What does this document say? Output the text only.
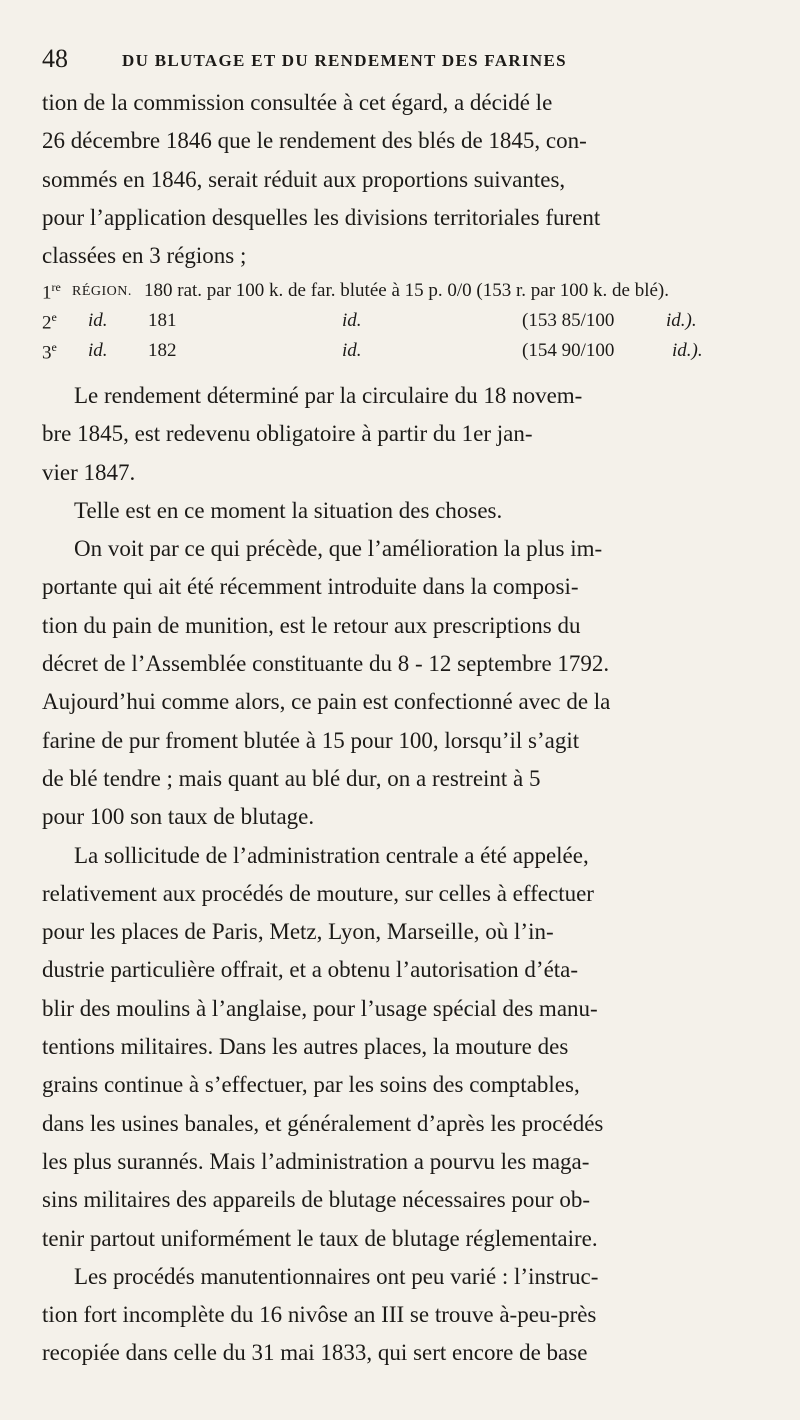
48	DU BLUTAGE ET DU RENDEMENT DES FARINES

tion de la commission consultée à cet égard, a décidé le

26 décembre 1846 que le rendement des blés de 1845, con-

sommés en 1846, serait réduit aux proportions suivantes,

pour l’application desquelles les divisions territoriales furent

classées en 3 régions ;

1re RÉGION. 180 rat. par 100 k. de far. blutée à 15 p. 0/0 (153 r. par 100 k. de blé).
2e id. 181	id.	(153 85/100	id.).
3e id. 182	id.	(154 90/100	id.).

Le rendement déterminé par la circulaire du 18 novem-

bre 1845, est redevenu obligatoire à partir du 1er jan-

vier 1847.

Telle est en ce moment la situation des choses.

On voit par ce qui précède, que l’amélioration la plus im-

portante qui ait été récemment introduite dans la composi-

tion du pain de munition, est le retour aux prescriptions du

décret de l’Assemblée constituante du 8 - 12 septembre 1792.

Aujourd’hui comme alors, ce pain est confectionné avec de la

farine de pur froment blutée à 15 pour 100, lorsqu’il s’agit

de blé tendre ; mais quant au blé dur, on a restreint à 5

pour 100 son taux de blutage.

La sollicitude de l’administration centrale a été appelée,

relativement aux procédés de mouture, sur celles à effectuer

pour les places de Paris, Metz, Lyon, Marseille, où l’in-

dustrie particulière offrait, et a obtenu l’autorisation d’éta-

blir des moulins à l’anglaise, pour l’usage spécial des manu-

tentions militaires. Dans les autres places, la mouture des

grains continue à s’effectuer, par les soins des comptables,

dans les usines banales, et généralement d’après les procédés

les plus surannés. Mais l’administration a pourvu les maga-

sins militaires des appareils de blutage nécessaires pour ob-

tenir partout uniformément le taux de blutage réglementaire.

Les procédés manutentionnaires ont peu varié : l’instruc-

tion fort incomplète du 16 nivôse an III se trouve à-peu-près

recopiée dans celle du 31 mai 1833, qui sert encore de base
